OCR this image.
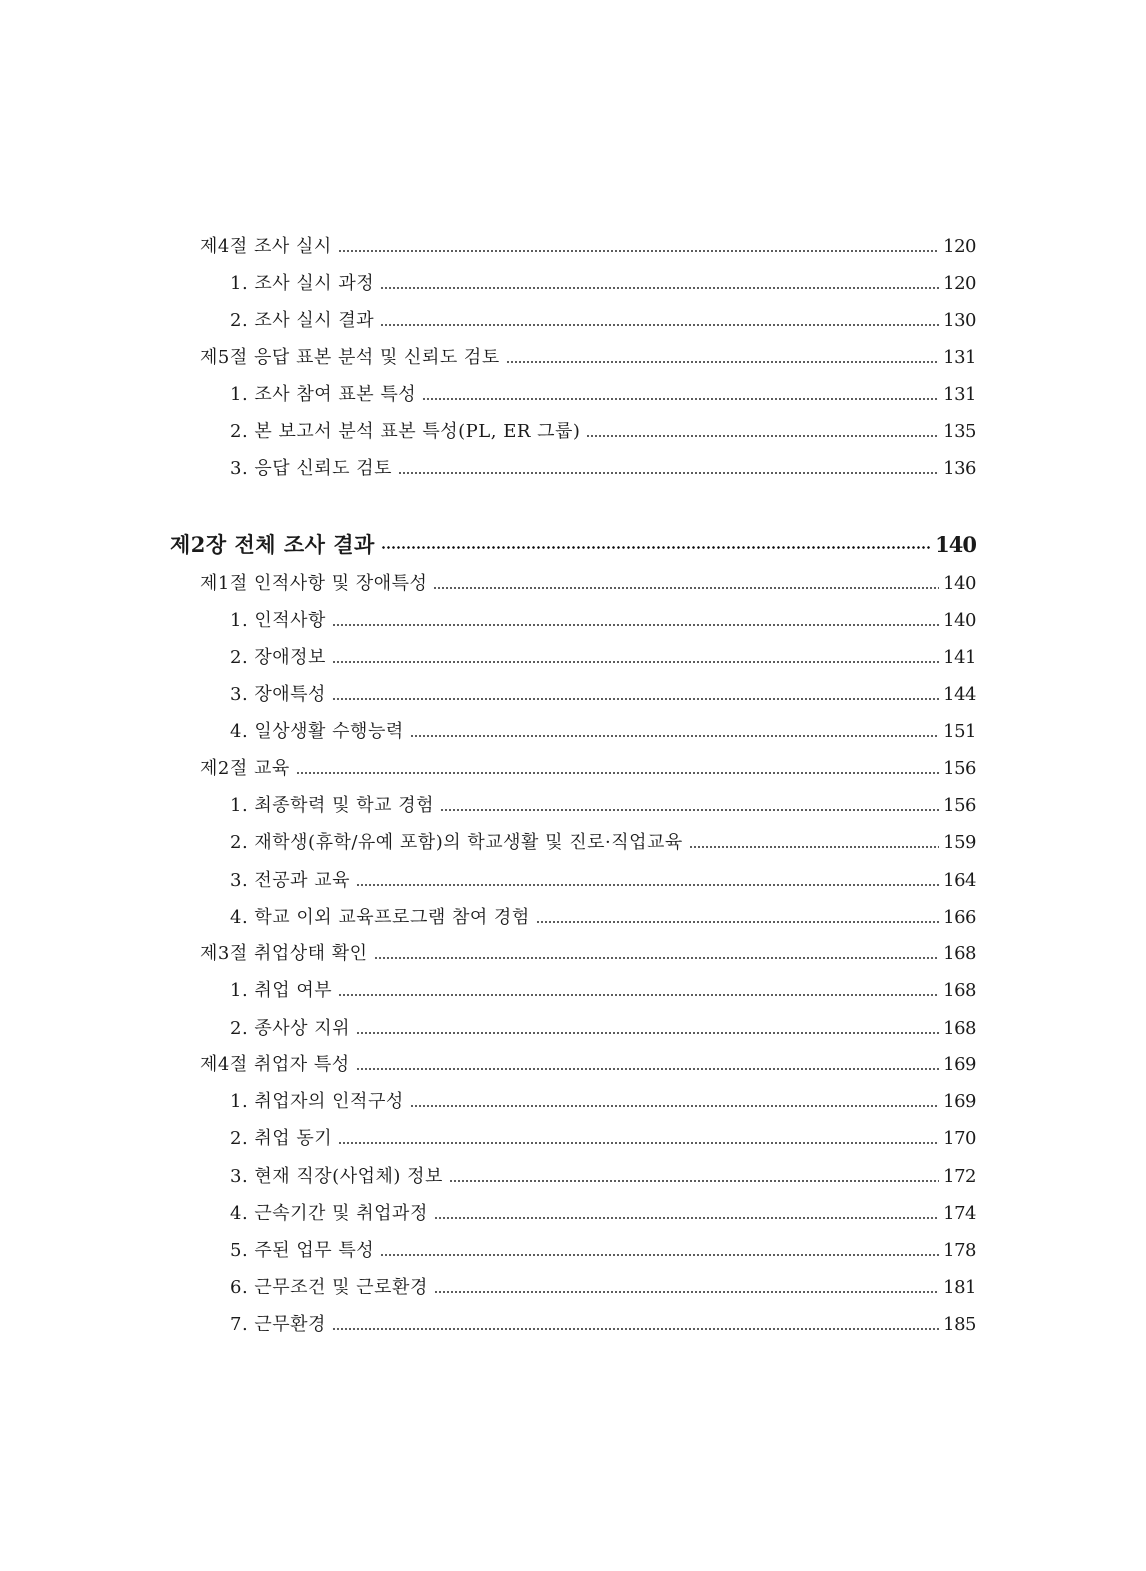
제4절 조사 실시	120
1. 조사 실시 과정	120
2. 조사 실시 결과	130
제5절 응답 표본 분석 및 신뢰도 검토	131
1. 조사 참여 표본 특성	131
2. 본 보고서 분석 표본 특성(PL, ER 그룹)	135
3. 응답 신뢰도 검토	136
제2장 전체 조사 결과	140
제1절 인적사항 및 장애특성	140
1. 인적사항	140
2. 장애정보	141
3. 장애특성	144
4. 일상생활 수행능력	151
제2절 교육	156
1. 최종학력 및 학교 경험	156
2. 재학생(휴학/유예 포함)의 학교생활 및 진로·직업교육	159
3. 전공과 교육	164
4. 학교 이외 교육프로그램 참여 경험	166
제3절 취업상태 확인	168
1. 취업 여부	168
2. 종사상 지위	168
제4절 취업자 특성	169
1. 취업자의 인적구성	169
2. 취업 동기	170
3. 현재 직장(사업체) 정보	172
4. 근속기간 및 취업과정	174
5. 주된 업무 특성	178
6. 근무조건 및 근로환경	181
7. 근무환경	185
